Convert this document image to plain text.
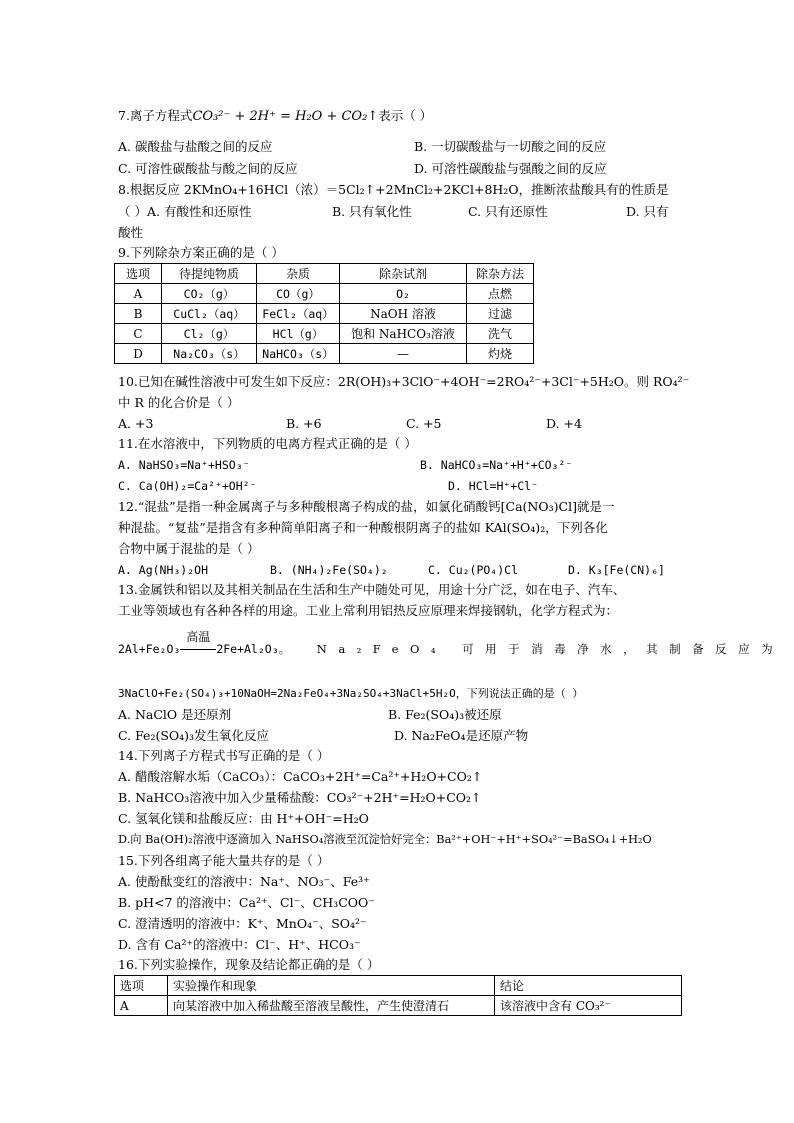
7.离子方程式CO₃²⁻ + 2H⁺ = H₂O + CO₂↑表示（ ）
A. 碳酸盐与盐酸之间的反应	B. 一切碳酸盐与一切酸之间的反应
C. 可溶性碳酸盐与酸之间的反应	D. 可溶性碳酸盐与强酸之间的反应
8.根据反应 2KMnO₄+16HCl（浓）＝5Cl₂↑+2MnCl₂+2KCl+8H₂O，推断浓盐酸具有的性质是
（ ）A. 有酸性和还原性	B. 只有氧化性	C. 只有还原性	D. 只有
酸性
9.下列除杂方案正确的是（ ）
选项	待提纯物质	杂质	除杂试剂	除杂方法
A	CO₂（g）	CO（g）	O₂	点燃
B	CuCl₂（aq）	FeCl₂（aq）	NaOH 溶液	过滤
C	Cl₂（g）	HCl（g）	饱和 NaHCO₃溶液	洗气
D	Na₂CO₃（s）	NaHCO₃（s）	—	灼烧
10.已知在碱性溶液中可发生如下反应：2R(OH)₃+3ClO⁻+4OH⁻=2RO₄²⁻+3Cl⁻+5H₂O。则 RO₄²⁻
中 R 的化合价是（ ）
A. +3	B. +6	C. +5	D. +4
11.在水溶液中，下列物质的电离方程式正确的是（ ）
A. NaHSO₃=Na⁺+HSO₃⁻	B. NaHCO₃=Na⁺+H⁺+CO₃²⁻
C. Ca(OH)₂=Ca²⁺+OH²⁻	D. HCl=H⁺+Cl⁻
12.“混盐”是指一种金属离子与多种酸根离子构成的盐，如氯化硝酸钙[Ca(NO₃)Cl]就是一
种混盐。“复盐”是指含有多种简单阳离子和一种酸根阴离子的盐如 KAl(SO₄)₂，下列各化
合物中属于混盐的是（ ）
A. Ag(NH₃)₂OH	B. (NH₄)₂Fe(SO₄)₂	C. Cu₂(PO₄)Cl	D. K₃[Fe(CN)₆]
13.金属铁和铝以及其相关制品在生活和生产中随处可见，用途十分广泛，如在电子、汽车、
工业等领域也有各种各样的用途。工业上常利用铝热反应原理来焊接钢轨，化学方程式为：
2Al+Fe₂O₃
高温
2Fe+Al₂O₃。 Na₂FeO₄ 可用于消毒净水，其制备反应为
3NaClO+Fe₂(SO₄)₃+10NaOH=2Na₂FeO₄+3Na₂SO₄+3NaCl+5H₂O，下列说法正确的是（ ）
A. NaClO 是还原剂	B. Fe₂(SO₄)₃被还原
C. Fe₂(SO₄)₃发生氧化反应	D. Na₂FeO₄是还原产物
14.下列离子方程式书写正确的是（ ）
A. 醋酸溶解水垢（CaCO₃）：CaCO₃+2H⁺=Ca²⁺+H₂O+CO₂↑
B. NaHCO₃溶液中加入少量稀盐酸：CO₃²⁻+2H⁺=H₂O+CO₂↑
C. 氢氧化镁和盐酸反应：由 H⁺+OH⁻=H₂O
D.向 Ba(OH)₂溶液中逐滴加入 NaHSO₄溶液至沉淀恰好完全：Ba²⁺+OH⁻+H⁺+SO₄²⁻=BaSO₄↓+H₂O
15.下列各组离子能大量共存的是（ ）
A. 使酚酞变红的溶液中：Na⁺、NO₃⁻、Fe³⁺
B. pH<7 的溶液中：Ca²⁺、Cl⁻、CH₃COO⁻
C. 澄清透明的溶液中：K⁺、MnO₄⁻、SO₄²⁻
D. 含有 Ca²⁺的溶液中：Cl⁻、H⁺、HCO₃⁻
16.下列实验操作，现象及结论都正确的是（ ）
选项	实验操作和现象	结论
A	向某溶液中加入稀盐酸至溶液呈酸性，产生使澄清石	该溶液中含有 CO₃²⁻
